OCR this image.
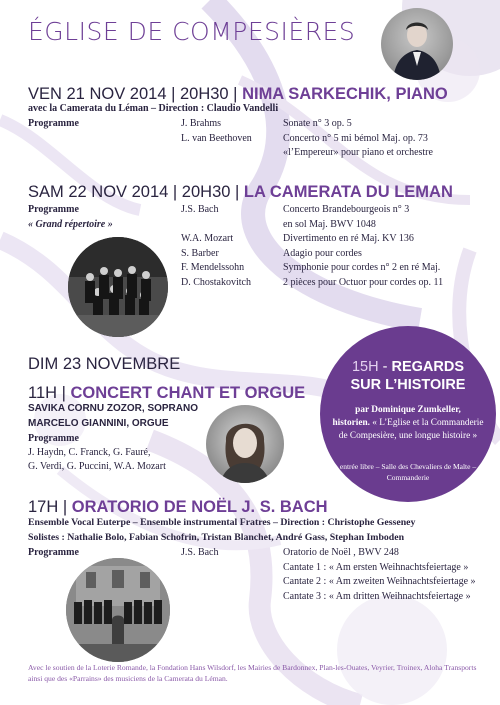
ÉGLISE DE COMPESIÈRES
VEN 21 NOV 2014 | 20H30 | NIMA SARKECHIK, PIANO
avec la Camerata du Léman – Direction : Claudio Vandelli
Programme	J. Brahms	Sonate n° 3 op. 5
L. van Beethoven	Concerto n° 5 mi bémol Maj. op. 73
«l’Empereur» pour piano et orchestre
SAM 22 NOV 2014 | 20H30 | LA CAMERATA DU LEMAN
Programme
« Grand répertoire »
J.S. Bach	Concerto Brandebourgeois n° 3
en sol Maj. BWV 1048
W.A. Mozart	Divertimento en ré Maj. KV 136
S. Barber	Adagio pour cordes
F. Mendelssohn	Symphonie pour cordes n° 2 en ré Maj.
D. Chostakovitch	2 pièces pour Octuor pour cordes op. 11
DIM 23 NOVEMBRE
11H | CONCERT CHANT ET ORGUE
SAVIKA CORNU ZOZOR, SOPRANO
MARCELO GIANNINI, ORGUE
Programme
J. Haydn, C. Franck, G. Fauré,
G. Verdi, G. Puccini, W.A. Mozart
15H - REGARDS
SUR L’HISTOIRE
par Dominique Zumkeller,
historien. « L’Eglise et la Commanderie de Compesière, une longue histoire »
entrée libre – Salle des Chevaliers de Malte – Commanderie
17H | ORATORIO DE NOËL J. S. BACH
Ensemble Vocal Euterpe – Ensemble instrumental Fratres – Direction : Christophe Gesseney
Solistes : Nathalie Bolo, Fabian Schofrin, Tristan Blanchet, André Gass, Stephan Imboden
Programme	J.S. Bach	Oratorio de Noël , BWV 248
Cantate 1 : « Am ersten Weihnachtsfeiertage »
Cantate 2 : « Am zweiten Weihnachtsfeiertage »
Cantate 3 : « Am dritten Weihnachtsfeiertage »
Avec le soutien de la Loterie Romande, la Fondation Hans Wilsdorf, les Mairies de Bardonnex, Plan-les-Ouates, Veyrier, Troinex, Aloha Transports ainsi que des «Parrains» des musiciens de la Camerata du Léman.
